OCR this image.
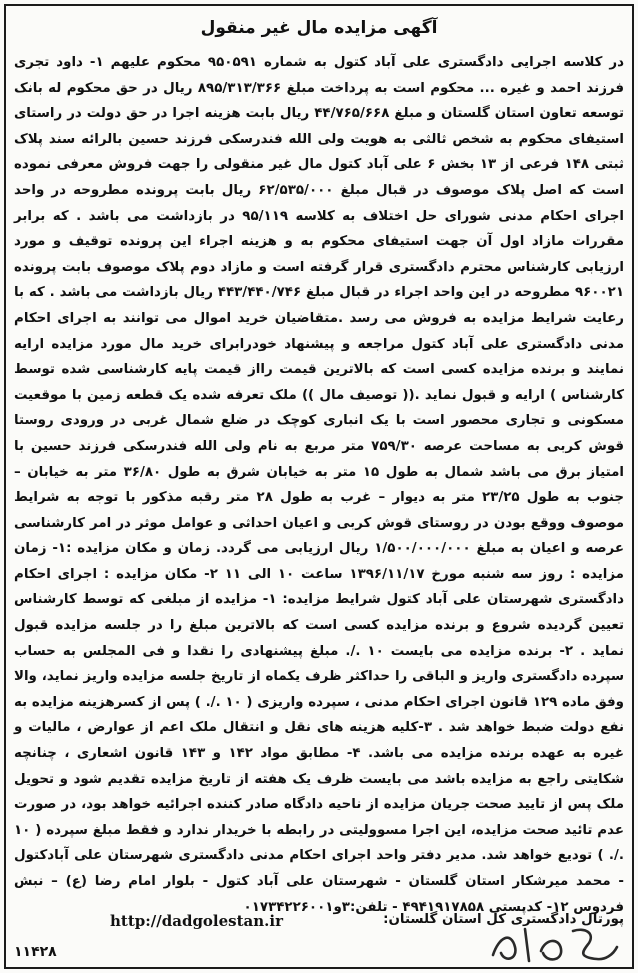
آگهی مزایده مال غیر منقول
در کلاسه اجرایی دادگستری علی آباد کتول به شماره ۹۵۰۵۹۱ محکوم علیهم ۱- داود تجری فرزند احمد و غیره ... محکوم است به پرداخت مبلغ ۸۹۵/۳۱۳/۳۶۶ ریال در حق محکوم له بانک توسعه تعاون استان گلستان و مبلغ ۴۴/۷۶۵/۶۶۸ ریال بابت هزینه اجرا در حق دولت در راستای استیفای محکوم به شخص ثالثی به هویت ولی الله فندرسکی فرزند حسین بالرائه سند پلاک ثبتی ۱۴۸ فرعی از ۱۳ بخش ۶ علی آباد کتول مال غیر منقولی را جهت فروش معرفی نموده است که اصل پلاک موصوف در قبال مبلغ ۶۲/۵۳۵/۰۰۰ ریال بابت پرونده مطروحه در واحد اجرای احکام مدنی شورای حل اختلاف به کلاسه ۹۵/۱۱۹ در بازداشت می باشد . که برابر مقررات مازاد اول آن جهت استیفای محکوم به و هزینه اجراء این پرونده توقیف و مورد ارزیابی کارشناس محترم دادگستری قرار گرفته است و مازاد دوم پلاک موصوف بابت پرونده ۹۶۰۰۲۱ مطروحه در این واحد اجراء در قبال مبلغ ۴۴۳/۴۴۰/۷۴۶ ریال بازداشت می باشد . که با رعایت شرایط مزایده به فروش می رسد .متقاضیان خرید اموال می توانند به اجرای احکام مدنی دادگستری علی آباد کتول مراجعه و پیشنهاد خودرابرای خرید مال مورد مزایده ارایه نمایند و برنده مزایده کسی است که بالاترین قیمت رااز قیمت پایه کارشناسی شده توسط کارشناس ) ارایه و قبول نماید .(( توصیف مال )) ملک تعرفه شده یک قطعه زمین با موقعیت مسکونی و تجاری محصور است با یک انباری کوچک در ضلع شمال غربی در ورودی روستا قوش کربی به مساحت عرصه ۷۵۹/۳۰ متر مربع به نام ولی الله فندرسکی فرزند حسین با امتیاز برق می باشد شمال به طول ۱۵ متر به خیابان شرق به طول ۳۶/۸۰ متر به خیابان – جنوب به طول ۲۳/۲۵ متر به دیوار – غرب به طول ۲۸ متر رقبه مذکور با توجه به شرایط موصوف ووقع بودن در روستای قوش کربی و اعیان احداثی و عوامل موثر در امر کارشناسی عرصه و اعیان به مبلغ ۱/۵۰۰/۰۰۰/۰۰۰ ریال ارزیابی می گردد. زمان و مکان مزایده :۱- زمان مزایده : روز سه شنبه مورخ ۱۳۹۶/۱۱/۱۷ ساعت ۱۰ الی ۱۱ ۲- مکان مزایده : اجرای احکام دادگستری شهرستان علی آباد کتول شرایط مزایده: ۱- مزایده از مبلغی که توسط کارشناس تعیین گردیده شروع و برنده مزایده کسی است که بالاترین مبلغ را در جلسه مزایده قبول نماید . ۲- برنده مزایده می بایست ۱۰ ./. مبلغ پیشنهادی را نقدا و فی المجلس به حساب سپرده دادگستری واریز و الباقی را حداکثر ظرف یکماه از تاریخ جلسه مزایده واریز نماید، والا وفق ماده ۱۲۹ قانون اجرای احکام مدنی ، سپرده واریزی ( ۱۰ ./. ) پس از کسرهزینه مزایده به نفع دولت ضبط خواهد شد . ۳-کلیه هزینه های نقل و انتقال ملک اعم از عوارض ، مالیات و غیره به عهده برنده مزایده می باشد. ۴- مطابق مواد ۱۴۲ و ۱۴۳ قانون اشعاری ، چنانچه شکایتی راجع به مزایده باشد می بایست ظرف یک هفته از تاریخ مزایده تقدیم شود و تحویل ملک پس از تایید صحت جریان مزایده از ناحیه دادگاه صادر کننده اجرائیه خواهد بود، در صورت عدم تائید صحت مزایده، این اجرا مسوولیتی در رابطه با خریدار ندارد و فقط مبلغ سپرده ( ۱۰ ./. ) تودیع خواهد شد. مدیر دفتر واحد اجرای احکام مدنی دادگستری شهرستان علی آبادکتول - محمد میرشکار استان گلستان - شهرستان علی آباد کتول - بلوار امام رضا (ع) – نبش فردوس ۱۲- کدپستی ۴۹۴۱۹۱۷۸۵۸ - تلفن:۳و۰۱۷۳۴۲۲۶۰۰۱
پورتال دادگستری کل استان گلستان:
http://dadgolestan.ir
۱۱۴۲۸
